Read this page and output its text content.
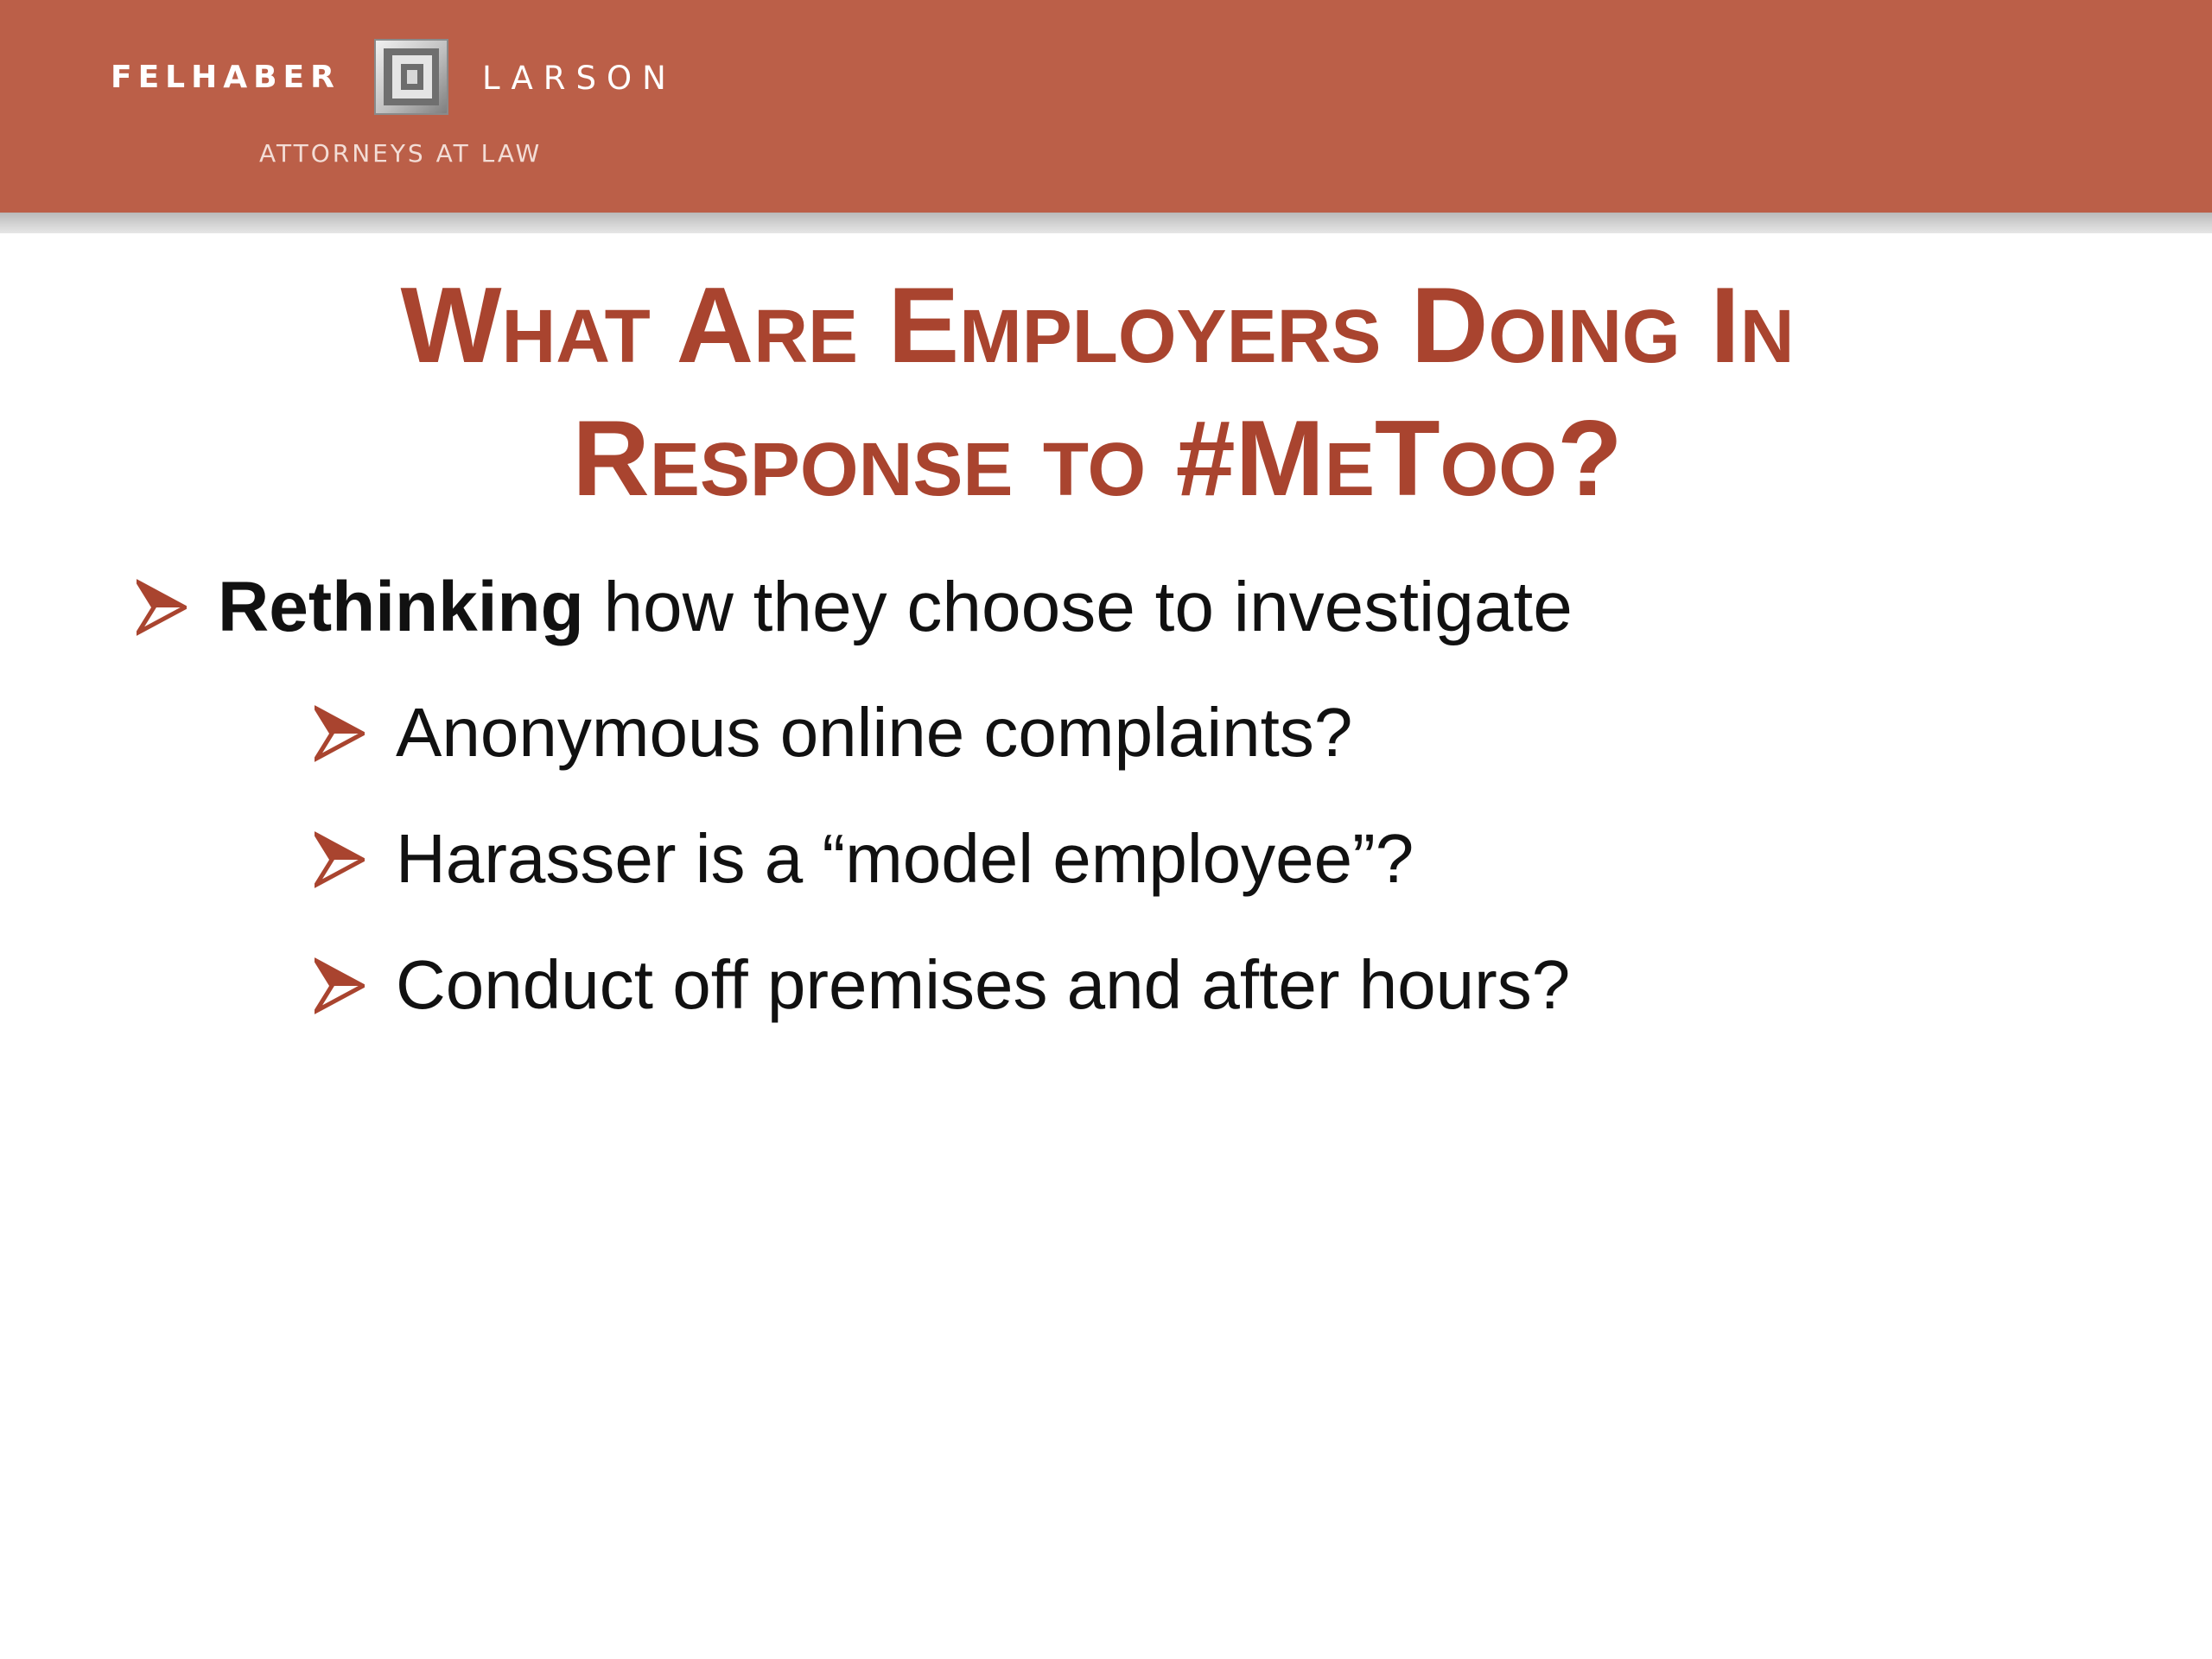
FELHABER	LARSON
ATTORNEYS AT LAW
What Are Employers Doing In
Response to #MeToo?
Rethinking how they choose to investigate
Anonymous online complaints?
Harasser is a “model employee”?
Conduct off premises and after hours?
